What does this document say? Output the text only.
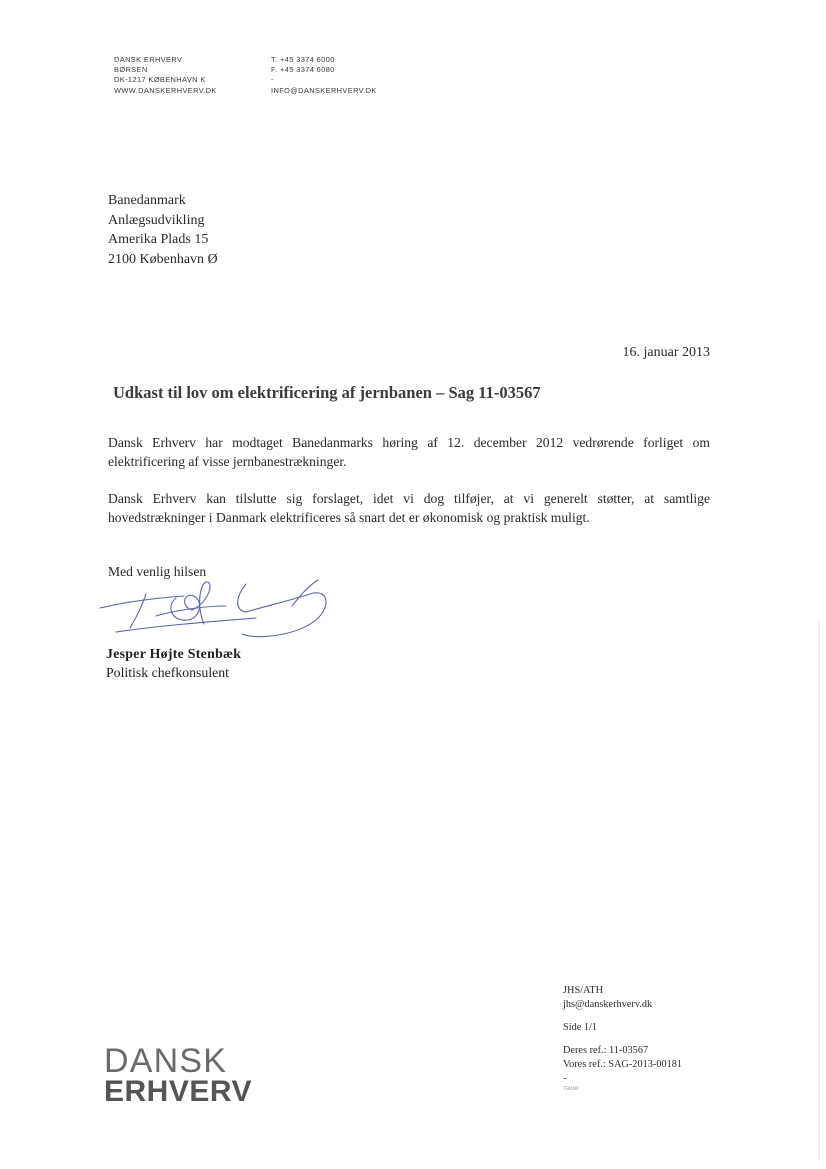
DANSK ERHVERV
BØRSEN
DK-1217 KØBENHAVN K
WWW.DANSKERHVERV.DK
T. +45 3374 6000
F. +45 3374 6080
-
INFO@DANSKERHVERV.DK
Banedanmark
Anlægsudvikling
Amerika Plads 15
2100 København Ø
16. januar 2013
Udkast til lov om elektrificering af jernbanen – Sag 11-03567
Dansk Erhverv har modtaget Banedanmarks høring af 12. december 2012 vedrørende forliget om elektrificering af visse jernbanestrækninger.
Dansk Erhverv kan tilslutte sig forslaget, idet vi dog tilføjer, at vi generelt støtter, at samtlige hovedstrækninger i Danmark elektrificeres så snart det er økonomisk og praktisk muligt.
Med venlig hilsen
Jesper Højte Stenbæk
Politisk chefkonsulent
JHS/ATH
jhs@danskerhverv.dk
Side 1/1
Deres ref.: 11-03567
Vores ref.: SAG-2013-00181
-
750190
DANSK
ERHVERV
